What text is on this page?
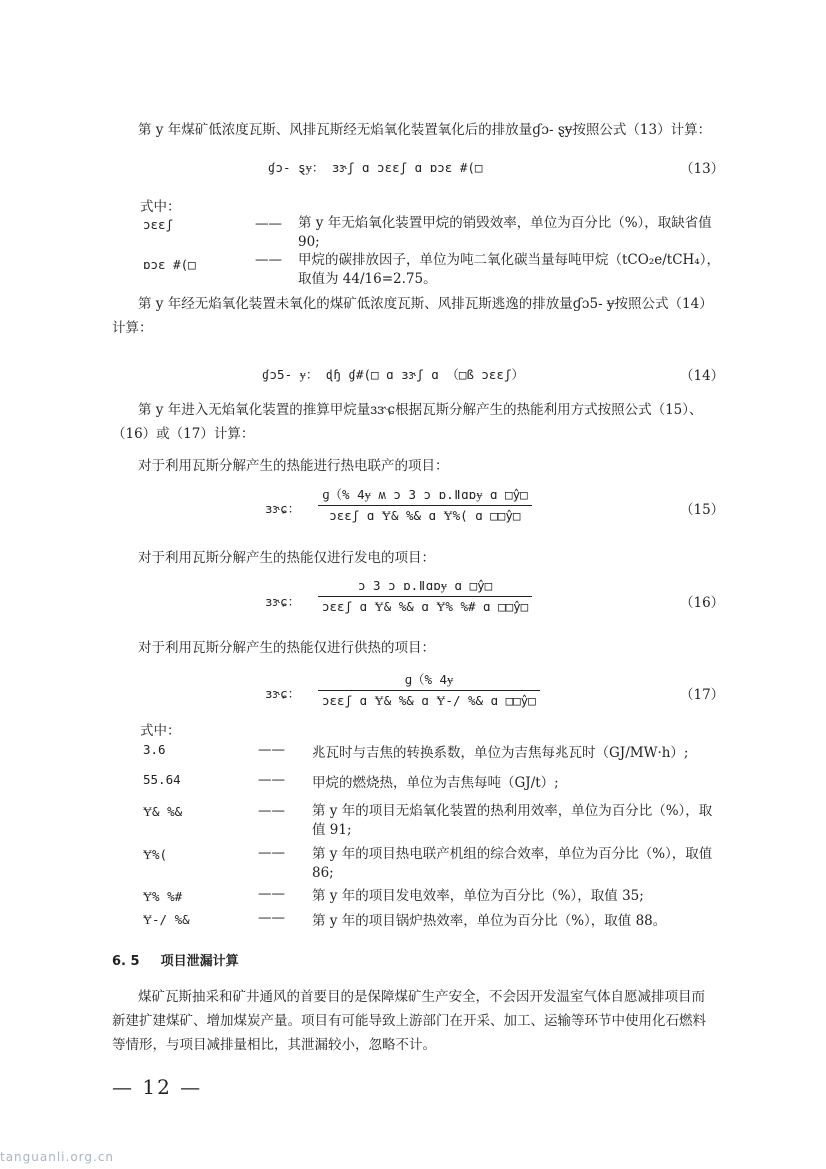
第 y 年煤矿低浓度瓦斯、风排瓦斯经无焰氧化装置氧化后的排放量ɠɔ- ȿɏ按照公式（13）计算：
ɠɔ- ȿɏ： ɜɝʃ ɑ ɔɛɛʃ ɑ ɒɔɛ #(□	（13）
式中：
ɔɛɛʃ	—— 第 y 年无焰氧化装置甲烷的销毁效率，单位为百分比（%），取缺省值 90;
ɒɔɛ #(□	—— 甲烷的碳排放因子，单位为吨二氧化碳当量每吨甲烷（tCO₂e/tCH₄），取值为 44/16=2.75。
第 y 年经无焰氧化装置未氧化的煤矿低浓度瓦斯、风排瓦斯逃逸的排放量ɠɔ5- ɏ按照公式（14）计算：
ɠɔ5- ɏ： ɖɧ ɠ#(□ ɑ ɜɝʃ ɑ （□ß ɔɛɛʃ）	（14）
第 y 年进入无焰氧化装置的推算甲烷量ɜɝɕ根据瓦斯分解产生的热能利用方式按照公式（15）、（16）或（17）计算：
对于利用瓦斯分解产生的热能进行热电联产的项目：
ɜɝɕ：
ɡ（% 4ɏ ʍ ɔ 3 ɔ ɒ.ǁɑɒɏ ɑ □ŷ□
ɔɛɛʃ ɑ Ɏ& %& ɑ Ɏ%( ɑ □□ŷ□	（15）
对于利用瓦斯分解产生的热能仅进行发电的项目：
ɜɝɕ：
ɔ 3 ɔ ɒ.ǁɑɒɏ ɑ □ŷ□
ɔɛɛʃ ɑ Ɏ& %& ɑ Ɏ% %# ɑ □□ŷ□	（16）
对于利用瓦斯分解产生的热能仅进行供热的项目：
ɜɝɕ：
ɡ（% 4ɏ
ɔɛɛʃ ɑ Ɏ& %& ɑ Ɏ-/ %& ɑ □□ŷ□	（17）
式中：
3.6	—— 兆瓦时与吉焦的转换系数，单位为吉焦每兆瓦时（GJ/MW·h）;
55.64	—— 甲烷的燃烧热，单位为吉焦每吨（GJ/t）;
Ɏ& %&	—— 第 y 年的项目无焰氧化装置的热利用效率，单位为百分比（%），取值 91;
Ɏ%(	—— 第 y 年的项目热电联产机组的综合效率，单位为百分比（%），取值 86;
Ɏ% %#	—— 第 y 年的项目发电效率，单位为百分比（%），取值 35;
Ɏ-/ %&	—— 第 y 年的项目锅炉热效率，单位为百分比（%），取值 88。
6. 5 项目泄漏计算
煤矿瓦斯抽采和矿井通风的首要目的是保障煤矿生产安全，不会因开发温室气体自愿减排项目而新建扩建煤矿、增加煤炭产量。项目有可能导致上游部门在开采、加工、运输等环节中使用化石燃料等情形，与项目减排量相比，其泄漏较小，忽略不计。
— 12 —
tanguanli.org.cn
